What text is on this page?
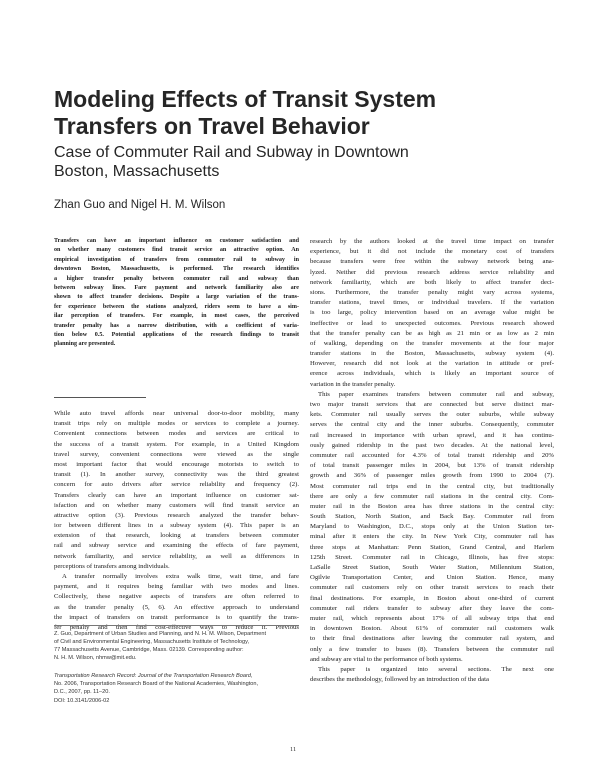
Modeling Effects of Transit System
Transfers on Travel Behavior
Case of Commuter Rail and Subway in Downtown
Boston, Massachusetts
Zhan Guo and Nigel H. M. Wilson
Transfers can have an important influence on customer satisfaction and
on whether many customers find transit service an attractive option. An
empirical investigation of transfers from commuter rail to subway in
downtown Boston, Massachusetts, is performed. The research identifies
a higher transfer penalty between commuter rail and subway than
between subway lines. Fare payment and network familiarity also are
shown to affect transfer decisions. Despite a large variation of the trans-
fer experience between the stations analyzed, riders seem to have a sim-
ilar perception of transfers. For example, in most cases, the perceived
transfer penalty has a narrow distribution, with a coefficient of varia-
tion below 0.5. Potential applications of the research findings to transit
planning are presented.
While auto travel affords near universal door-to-door mobility, many
transit trips rely on multiple modes or services to complete a journey.
Convenient connections between modes and services are critical to
the success of a transit system. For example, in a United Kingdom
travel survey, convenient connections were viewed as the single
most important factor that would encourage motorists to switch to
transit (1). In another survey, connectivity was the third greatest
concern for auto drivers after service reliability and frequency (2).
Transfers clearly can have an important influence on customer sat-
isfaction and on whether many customers will find transit service an
attractive option (3). Previous research analyzed the transfer behav-
ior between different lines in a subway system (4). This paper is an
extension of that research, looking at transfers between commuter
rail and subway service and examining the effects of fare payment,
network familiarity, and service reliability, as well as differences in
perceptions of transfers among individuals.
A transfer normally involves extra walk time, wait time, and fare
payment, and it requires being familiar with two modes and lines.
Collectively, these negative aspects of transfers are often referred to
as the transfer penalty (5, 6). An effective approach to understand
the impact of transfers on transit performance is to quantify the trans-
fer penalty and then find cost-effective ways to reduce it. Previous
Z. Guo, Department of Urban Studies and Planning, and N. H. M. Wilson, Department
of Civil and Environmental Engineering, Massachusetts Institute of Technology,
77 Massachusetts Avenue, Cambridge, Mass. 02139. Corresponding author:
N. H. M. Wilson, nhmw@mit.edu.
Transportation Research Record: Journal of the Transportation Research Board,
No. 2006, Transportation Research Board of the National Academies, Washington,
D.C., 2007, pp. 11–20.
DOI: 10.3141/2006-02
research by the authors looked at the travel time impact on transfer
experience, but it did not include the monetary cost of transfers
because transfers were free within the subway network being ana-
lyzed. Neither did previous research address service reliability and
network familiarity, which are both likely to affect transfer deci-
sions. Furthermore, the transfer penalty might vary across systems,
transfer stations, travel times, or individual travelers. If the variation
is too large, policy intervention based on an average value might be
ineffective or lead to unexpected outcomes. Previous research showed
that the transfer penalty can be as high as 21 min or as low as 2 min
of walking, depending on the transfer movements at the four major
transfer stations in the Boston, Massachusetts, subway system (4).
However, research did not look at the variation in attitude or pref-
erence across individuals, which is likely an important source of
variation in the transfer penalty.
This paper examines transfers between commuter rail and subway,
two major transit services that are connected but serve distinct mar-
kets. Commuter rail usually serves the outer suburbs, while subway
serves the central city and the inner suburbs. Consequently, commuter
rail increased in importance with urban sprawl, and it has continu-
ously gained ridership in the past two decades. At the national level,
commuter rail accounted for 4.3% of total transit ridership and 20%
of total transit passenger miles in 2004, but 13% of transit ridership
growth and 36% of passenger miles growth from 1990 to 2004 (7).
Most commuter rail trips end in the central city, but traditionally
there are only a few commuter rail stations in the central city. Com-
muter rail in the Boston area has three stations in the central city:
South Station, North Station, and Back Bay. Commuter rail from
Maryland to Washington, D.C., stops only at the Union Station ter-
minal after it enters the city. In New York City, commuter rail has
three stops at Manhattan: Penn Station, Grand Central, and Harlem
125th Street. Commuter rail in Chicago, Illinois, has five stops:
LaSalle Street Station, South Water Station, Millennium Station,
Ogilvie Transportation Center, and Union Station. Hence, many
commuter rail customers rely on other transit services to reach their
final destinations. For example, in Boston about one-third of current
commuter rail riders transfer to subway after they leave the com-
muter rail, which represents about 17% of all subway trips that end
in downtown Boston. About 61% of commuter rail customers walk
to their final destinations after leaving the commuter rail system, and
only a few transfer to buses (8). Transfers between the commuter rail
and subway are vital to the performance of both systems.
This paper is organized into several sections. The next one
describes the methodology, followed by an introduction of the data
11
